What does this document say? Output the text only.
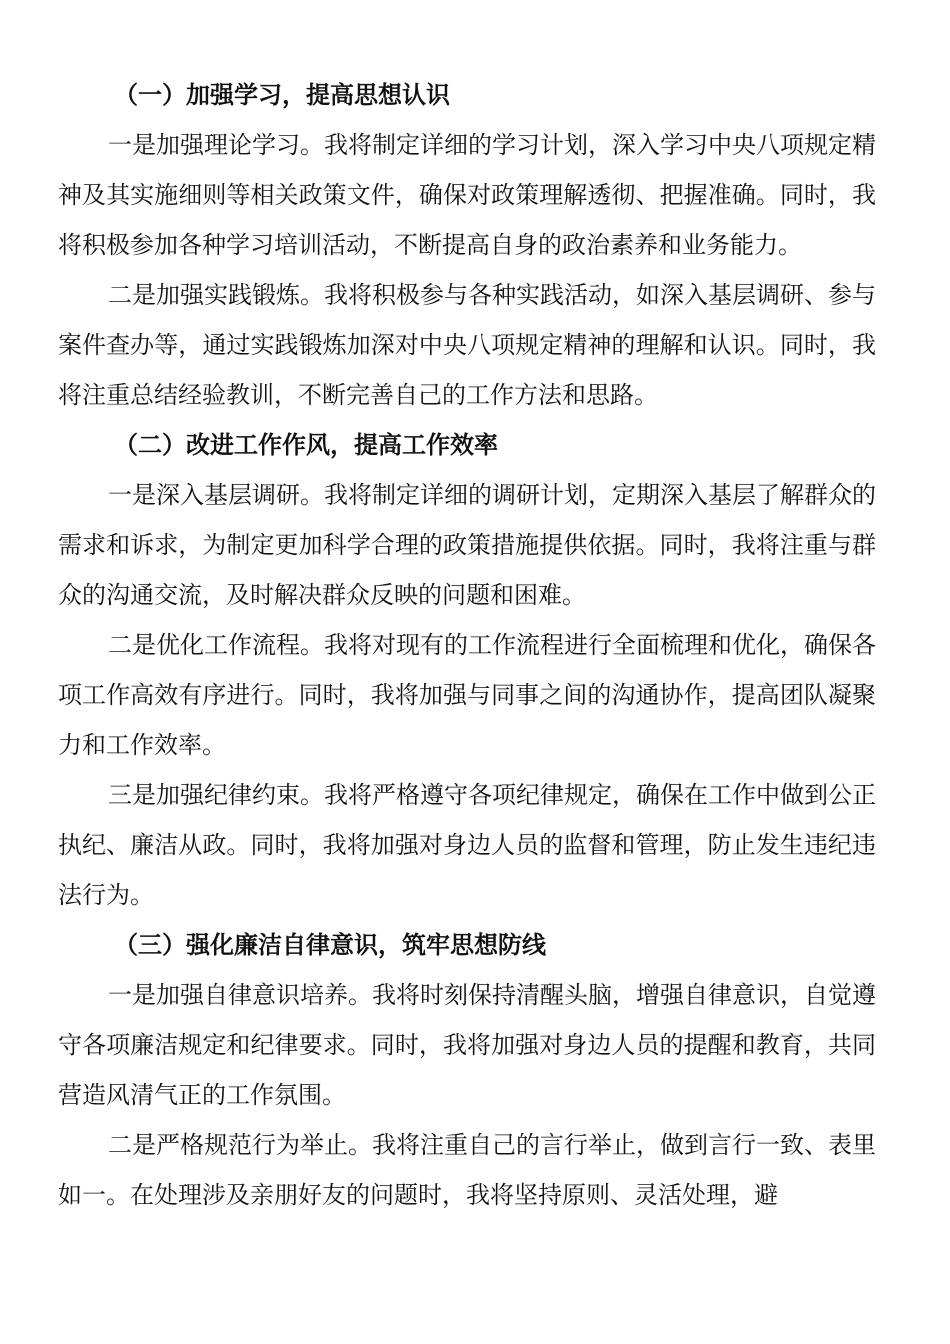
（一）加强学习，提高思想认识

一是加强理论学习。我将制定详细的学习计划，深入学习中央八项规定精神及其实施细则等相关政策文件，确保对政策理解透彻、把握准确。同时，我将积极参加各种学习培训活动，不断提高自身的政治素养和业务能力。

二是加强实践锻炼。我将积极参与各种实践活动，如深入基层调研、参与案件查办等，通过实践锻炼加深对中央八项规定精神的理解和认识。同时，我将注重总结经验教训，不断完善自己的工作方法和思路。

（二）改进工作作风，提高工作效率

一是深入基层调研。我将制定详细的调研计划，定期深入基层了解群众的需求和诉求，为制定更加科学合理的政策措施提供依据。同时，我将注重与群众的沟通交流，及时解决群众反映的问题和困难。

二是优化工作流程。我将对现有的工作流程进行全面梳理和优化，确保各项工作高效有序进行。同时，我将加强与同事之间的沟通协作，提高团队凝聚力和工作效率。

三是加强纪律约束。我将严格遵守各项纪律规定，确保在工作中做到公正执纪、廉洁从政。同时，我将加强对身边人员的监督和管理，防止发生违纪违法行为。

（三）强化廉洁自律意识，筑牢思想防线

一是加强自律意识培养。我将时刻保持清醒头脑，增强自律意识，自觉遵守各项廉洁规定和纪律要求。同时，我将加强对身边人员的提醒和教育，共同营造风清气正的工作氛围。

二是严格规范行为举止。我将注重自己的言行举止，做到言行一致、表里如一。在处理涉及亲朋好友的问题时，我将坚持原则、灵活处理，避
